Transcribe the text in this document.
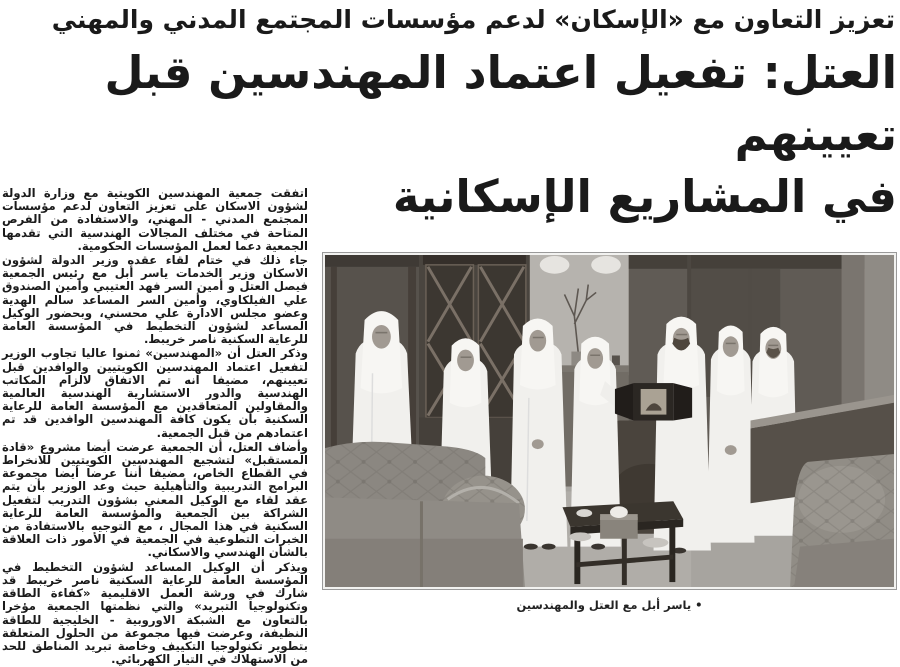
تعزيز التعاون مع «الإسكان» لدعم مؤسسات المجتمع المدني والمهني
العتل: تفعيل اعتماد المهندسين قبل تعيينهم
في المشاريع الإسكانية

اتفقت جمعية المهندسين الكويتية مع وزارة الدولة لشؤون الاسكان على تعزيز التعاون لدعم مؤسسات المجتمع المدني - المهني، والاستفادة من الفرص المتاحة في مختلف المجالات الهندسية التي تقدمها الجمعية دعما لعمل المؤسسات الحكومية.

جاء ذلك في ختام لقاء عقده وزير الدولة لشؤون الاسكان وزير الخدمات ياسر أبل مع رئيس الجمعية فيصل العتل و أمين السر فهد العتيبي وأمين الصندوق علي الفيلكاوي، وأمين السر المساعد سالم الهدية وعضو مجلس الادارة علي محسني، وبحضور الوكيل المساعد لشؤون التخطيط في المؤسسة العامة للرعاية السكنية ناصر خريبط.

وذكر العتل أن «المهندسين» ثمنوا عاليا تجاوب الوزير لتفعيل اعتماد المهندسين الكويتيين والوافدين قبل تعيينهم، مضيفا انه تم الاتفاق لالزام المكاتب الهندسية والدور الاستشارية الهندسية العالمية والمقاولين المتعاقدين مع المؤسسة العامة للرعاية السكنية بأن يكون كافة المهندسين الوافدين قد تم اعتمادهم من قبل الجمعية.

وأضاف العتل، أن الجمعية عرضت أيضا مشروع «قادة المستقبل» لتشجيع المهندسين الكويتيين للانخراط في القطاع الخاص، مضيفا أننا عرضا أيضا مجموعة البرامج التدريبية والتأهيلية حيث وعد الوزير بأن يتم عقد لقاء مع الوكيل المعني بشؤون التدريب لتفعيل الشراكة بين الجمعية والمؤسسة العامة للرعاية السكنية في هذا المجال ، مع التوجيه بالاستفادة من الخبرات التطوعية في الجمعية في الأمور ذات العلاقة بالشأن الهندسي والاسكاني.

ويذكر أن الوكيل المساعد لشؤون التخطيط في المؤسسة العامة للرعاية السكنية ناصر خريبط قد شارك في ورشة العمل الاقليمية «كفاءة الطاقة وتكنولوجيا التبريد» والتي نظمتها الجمعية مؤخرا بالتعاون مع الشبكة الاوروبية - الخليجية للطاقة النظيفة، وعرضت فيها مجموعة من الحلول المتعلقة بتطوير تكنولوجيا التكييف وخاصة تبريد المناطق للحد من الاستهلاك في التيار الكهربائي.

• ياسر أبل مع العتل والمهندسين
